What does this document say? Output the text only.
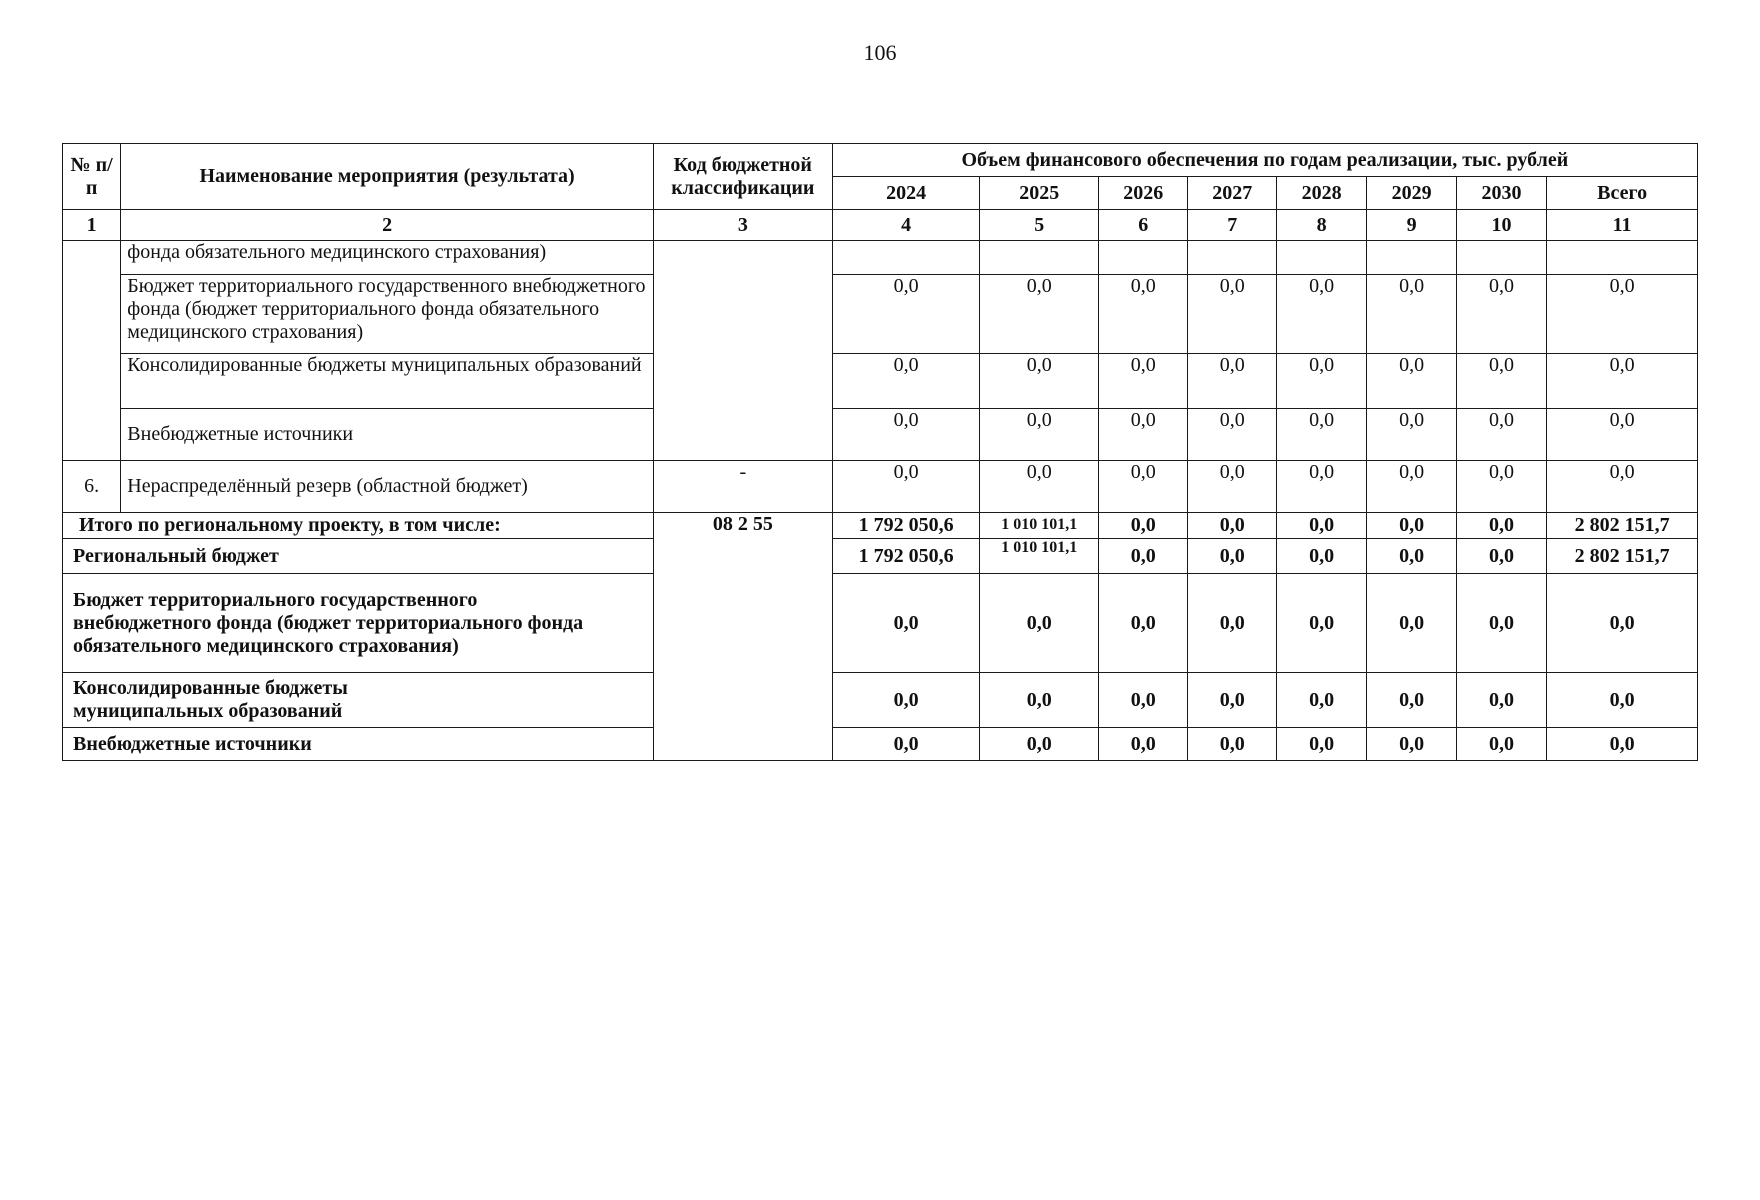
106
№ п/п	Наименование мероприятия (результата)	Код бюджетной классификации	Объем финансового обеспечения по годам реализации, тыс. рублей							
			2024	2025	2026	2027	2028	2029	2030	Всего
1	2	3	4	5	6	7	8	9	10	11
	фонда обязательного медицинского страхования)									
	Бюджет территориального государственного внебюджетного фонда (бюджет территориального фонда обязательного медицинского страхования)		0,0	0,0	0,0	0,0	0,0	0,0	0,0	0,0
	Консолидированные бюджеты муниципальных образований		0,0	0,0	0,0	0,0	0,0	0,0	0,0	0,0
	Внебюджетные источники		0,0	0,0	0,0	0,0	0,0	0,0	0,0	0,0
6.	Нераспределённый резерв (областной бюджет)	-	0,0	0,0	0,0	0,0	0,0	0,0	0,0	0,0
Итого по региональному проекту, в том числе:		08 2 55	1 792 050,6	1 010 101,1	0,0	0,0	0,0	0,0	0,0	2 802 151,7
Региональный бюджет			1 792 050,6	1 010 101,1	0,0	0,0	0,0	0,0	0,0	2 802 151,7
Бюджет территориального государственного внебюджетного фонда (бюджет территориального фонда обязательного медицинского страхования)			0,0	0,0	0,0	0,0	0,0	0,0	0,0	0,0
Консолидированные бюджеты муниципальных образований			0,0	0,0	0,0	0,0	0,0	0,0	0,0	0,0
Внебюджетные источники			0,0	0,0	0,0	0,0	0,0	0,0	0,0	0,0
